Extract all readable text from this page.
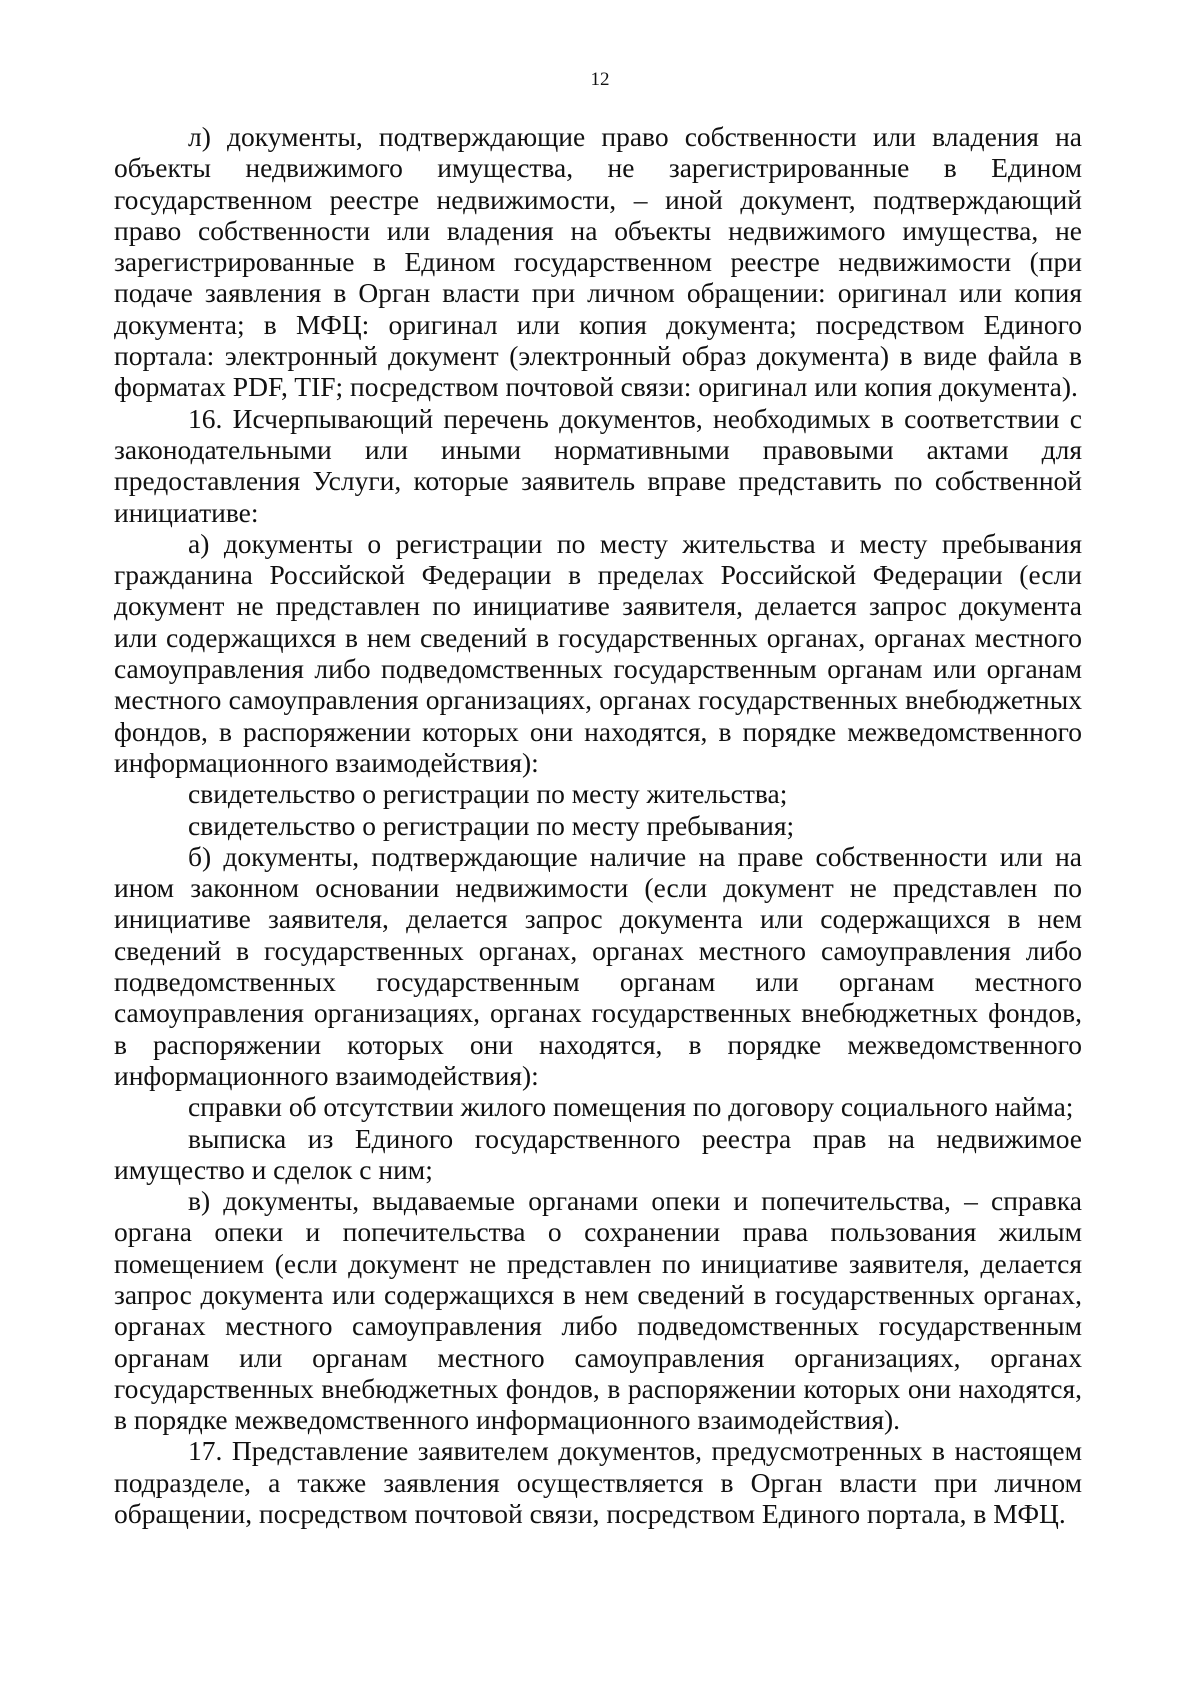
12

л) документы, подтверждающие право собственности или владения на объекты недвижимого имущества, не зарегистрированные в Едином государственном реестре недвижимости, – иной документ, подтверждающий право собственности или владения на объекты недвижимого имущества, не зарегистрированные в Едином государственном реестре недвижимости (при подаче заявления в Орган власти при личном обращении: оригинал или копия документа; в МФЦ: оригинал или копия документа; посредством Единого портала: электронный документ (электронный образ документа) в виде файла в форматах PDF, TIF; посредством почтовой связи: оригинал или копия документа).

16. Исчерпывающий перечень документов, необходимых в соответствии с законодательными или иными нормативными правовыми актами для предоставления Услуги, которые заявитель вправе представить по собственной инициативе:

а) документы о регистрации по месту жительства и месту пребывания гражданина Российской Федерации в пределах Российской Федерации (если документ не представлен по инициативе заявителя, делается запрос документа или содержащихся в нем сведений в государственных органах, органах местного самоуправления либо подведомственных государственным органам или органам местного самоуправления организациях, органах государственных внебюджетных фондов, в распоряжении которых они находятся, в порядке межведомственного информационного взаимодействия):

свидетельство о регистрации по месту жительства;

свидетельство о регистрации по месту пребывания;

б) документы, подтверждающие наличие на праве собственности или на ином законном основании недвижимости (если документ не представлен по инициативе заявителя, делается запрос документа или содержащихся в нем сведений в государственных органах, органах местного самоуправления либо подведомственных государственным органам или органам местного самоуправления организациях, органах государственных внебюджетных фондов, в распоряжении которых они находятся, в порядке межведомственного информационного взаимодействия):

справки об отсутствии жилого помещения по договору социального найма;

выписка из Единого государственного реестра прав на недвижимое имущество и сделок с ним;

в) документы, выдаваемые органами опеки и попечительства, – справка органа опеки и попечительства о сохранении права пользования жилым помещением (если документ не представлен по инициативе заявителя, делается запрос документа или содержащихся в нем сведений в государственных органах, органах местного самоуправления либо подведомственных государственным органам или органам местного самоуправления организациях, органах государственных внебюджетных фондов, в распоряжении которых они находятся, в порядке межведомственного информационного взаимодействия).

17. Представление заявителем документов, предусмотренных в настоящем подразделе, а также заявления осуществляется в Орган власти при личном обращении, посредством почтовой связи, посредством Единого портала, в МФЦ.
